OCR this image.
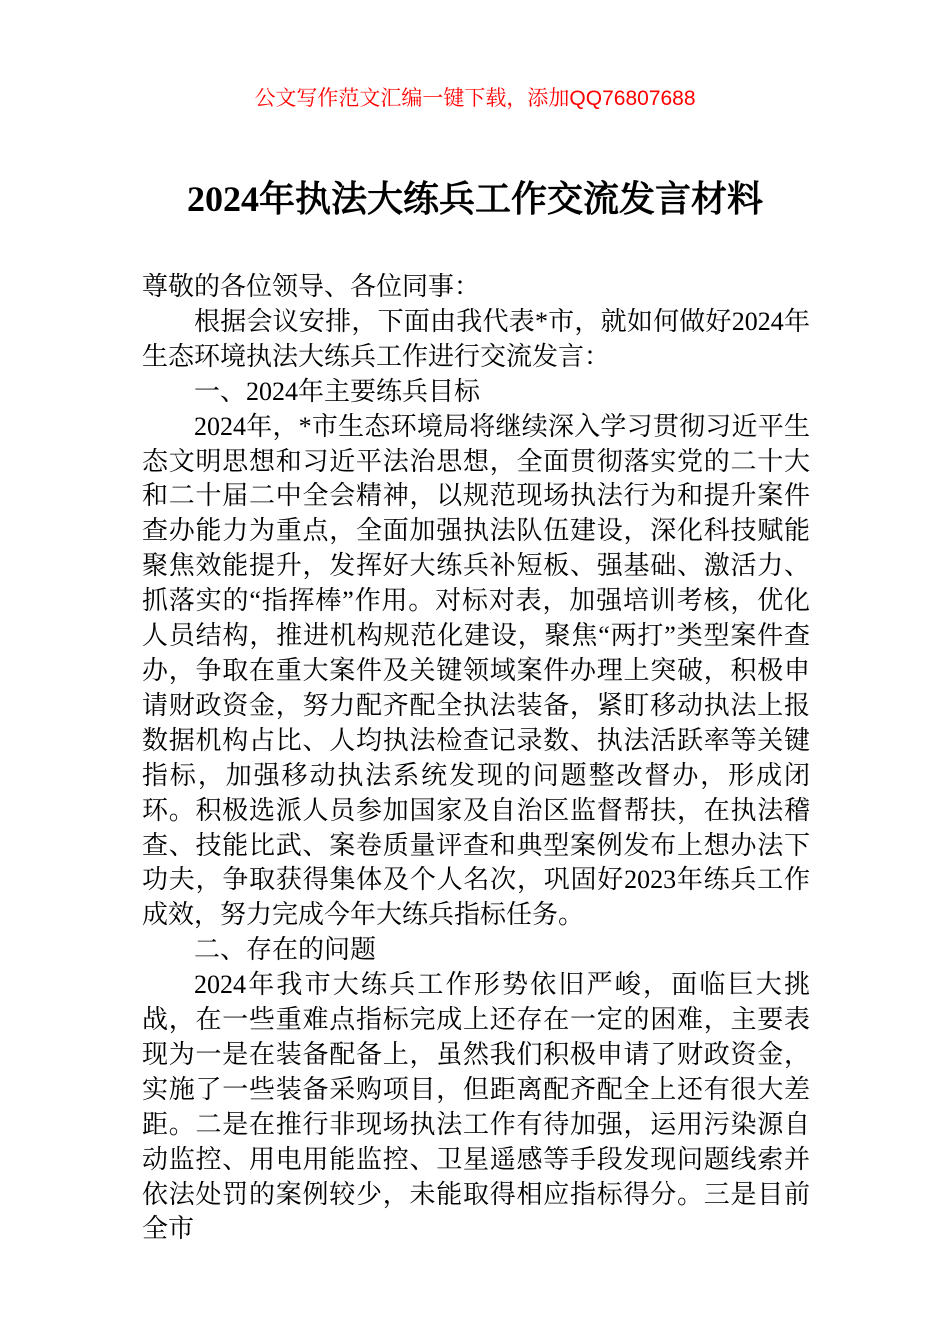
公文写作范文汇编一键下载，添加QQ76807688
2024年执法大练兵工作交流发言材料

尊敬的各位领导、各位同事：

根据会议安排，下面由我代表*市，就如何做好2024年生态环境执法大练兵工作进行交流发言：

一、2024年主要练兵目标

2024年，*市生态环境局将继续深入学习贯彻习近平生态文明思想和习近平法治思想，全面贯彻落实党的二十大和二十届二中全会精神，以规范现场执法行为和提升案件查办能力为重点，全面加强执法队伍建设，深化科技赋能聚焦效能提升，发挥好大练兵补短板、强基础、激活力、抓落实的“指挥棒”作用。对标对表，加强培训考核，优化人员结构，推进机构规范化建设，聚焦“两打”类型案件查办，争取在重大案件及关键领域案件办理上突破，积极申请财政资金，努力配齐配全执法装备，紧盯移动执法上报数据机构占比、人均执法检查记录数、执法活跃率等关键指标，加强移动执法系统发现的问题整改督办，形成闭环。积极选派人员参加国家及自治区监督帮扶，在执法稽查、技能比武、案卷质量评查和典型案例发布上想办法下功夫，争取获得集体及个人名次，巩固好2023年练兵工作成效，努力完成今年大练兵指标任务。

二、存在的问题

2024年我市大练兵工作形势依旧严峻，面临巨大挑战，在一些重难点指标完成上还存在一定的困难，主要表现为一是在装备配备上，虽然我们积极申请了财政资金，实施了一些装备采购项目，但距离配齐配全上还有很大差距。二是在推行非现场执法工作有待加强，运用污染源自动监控、用电用能监控、卫星遥感等手段发现问题线索并依法处罚的案例较少，未能取得相应指标得分。三是目前全市
